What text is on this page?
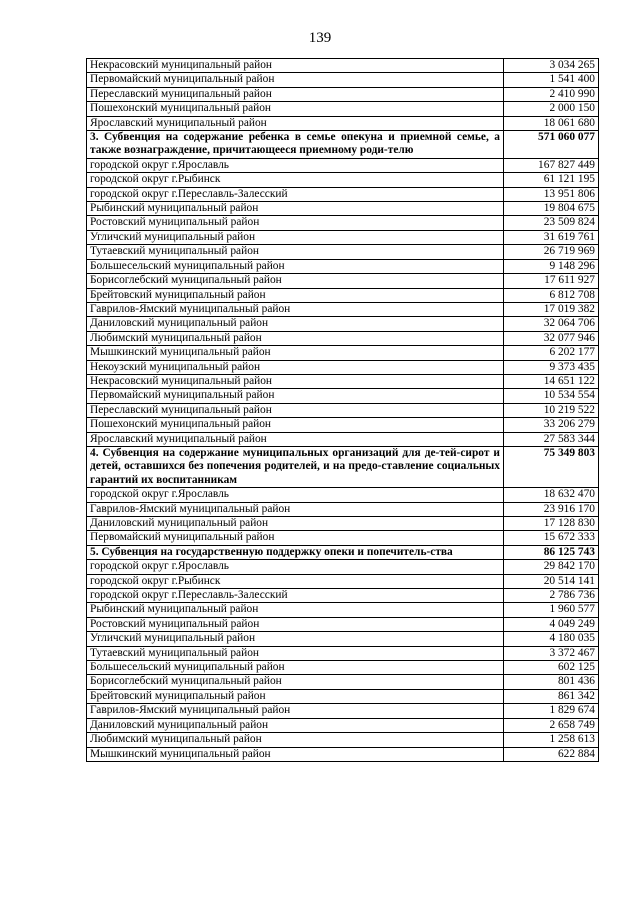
139
Некрасовский муниципальный район	3 034 265
Первомайский муниципальный район	1 541 400
Переславский муниципальный район	2 410 990
Пошехонский муниципальный район	2 000 150
Ярославский муниципальный район	18 061 680
3. Субвенция на содержание ребенка в семье опекуна и приемной семье, а также вознаграждение, причитающееся приемному роди-телю	571 060 077
городской округ г.Ярославль	167 827 449
городской округ г.Рыбинск	61 121 195
городской округ г.Переславль-Залесский	13 951 806
Рыбинский муниципальный район	19 804 675
Ростовский муниципальный район	23 509 824
Угличский муниципальный район	31 619 761
Тутаевский муниципальный район	26 719 969
Большесельский муниципальный район	9 148 296
Борисоглебский муниципальный район	17 611 927
Брейтовский муниципальный район	6 812 708
Гаврилов-Ямский муниципальный район	17 019 382
Даниловский муниципальный район	32 064 706
Любимский муниципальный район	32 077 946
Мышкинский муниципальный район	6 202 177
Некоузский муниципальный район	9 373 435
Некрасовский муниципальный район	14 651 122
Первомайский муниципальный район	10 534 554
Переславский муниципальный район	10 219 522
Пошехонский муниципальный район	33 206 279
Ярославский муниципальный район	27 583 344
4. Субвенция на содержание муниципальных организаций для де-тей-сирот и детей, оставшихся без попечения родителей, и на предо-ставление социальных гарантий их воспитанникам	75 349 803
городской округ г.Ярославль	18 632 470
Гаврилов-Ямский муниципальный район	23 916 170
Даниловский муниципальный район	17 128 830
Первомайский муниципальный район	15 672 333
5. Субвенция на государственную поддержку опеки и попечитель-ства	86 125 743
городской округ г.Ярославль	29 842 170
городской округ г.Рыбинск	20 514 141
городской округ г.Переславль-Залесский	2 786 736
Рыбинский муниципальный район	1 960 577
Ростовский муниципальный район	4 049 249
Угличский муниципальный район	4 180 035
Тутаевский муниципальный район	3 372 467
Большесельский муниципальный район	602 125
Борисоглебский муниципальный район	801 436
Брейтовский муниципальный район	861 342
Гаврилов-Ямский муниципальный район	1 829 674
Даниловский муниципальный район	2 658 749
Любимский муниципальный район	1 258 613
Мышкинский муниципальный район	622 884
